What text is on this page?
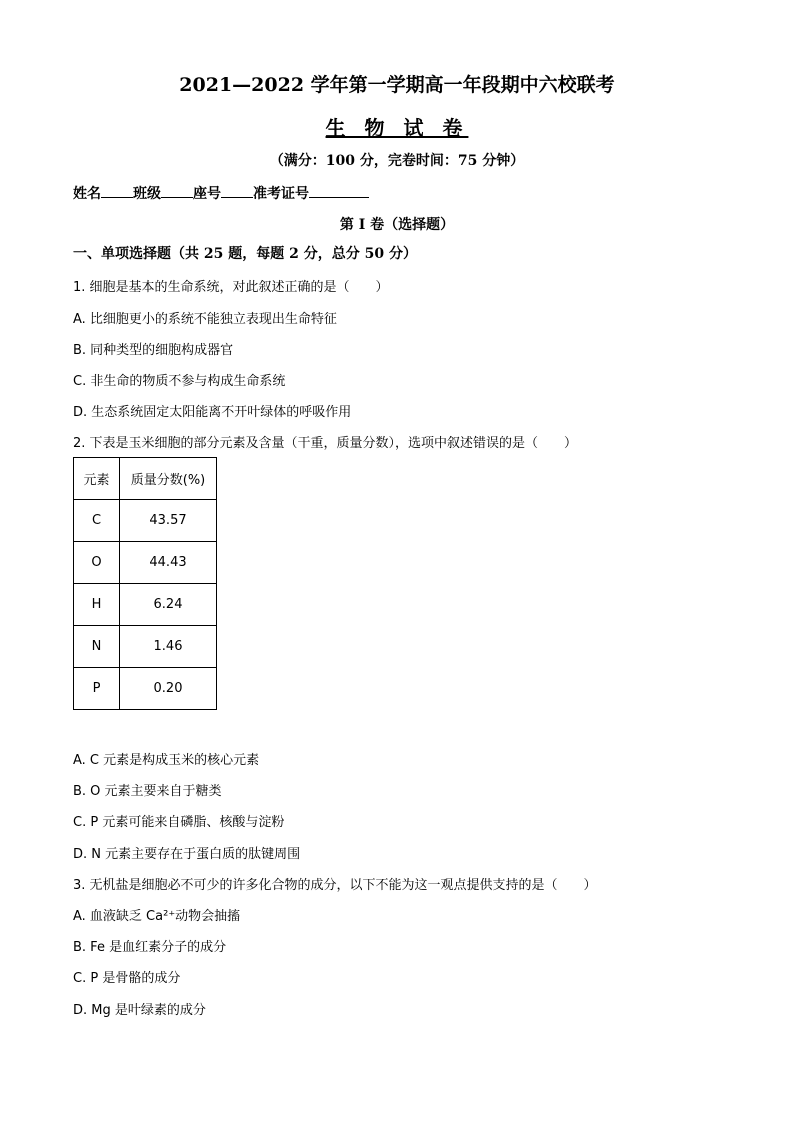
2021—2022 学年第一学期高一年段期中六校联考
生 物 试 卷
（满分：100 分，完卷时间：75 分钟）
姓名 班级 座号 准考证号
第 I 卷（选择题）
一、单项选择题（共 25 题，每题 2 分，总分 50 分）
1. 细胞是基本的生命系统，对此叙述正确的是（　　）
A. 比细胞更小的系统不能独立表现出生命特征
B. 同种类型的细胞构成器官
C. 非生命的物质不参与构成生命系统
D. 生态系统固定太阳能离不开叶绿体的呼吸作用
2. 下表是玉米细胞的部分元素及含量（干重，质量分数），选项中叙述错误的是（　　）
元素	质量分数(%)
C	43.57
O	44.43
H	6.24
N	1.46
P	0.20
A. C 元素是构成玉米的核心元素
B. O 元素主要来自于糖类
C. P 元素可能来自磷脂、核酸与淀粉
D. N 元素主要存在于蛋白质的肽键周围
3. 无机盐是细胞必不可少的许多化合物的成分，以下不能为这一观点提供支持的是（　　）
A. 血液缺乏 Ca²⁺动物会抽搐
B. Fe 是血红素分子的成分
C. P 是骨骼的成分
D. Mg 是叶绿素的成分
